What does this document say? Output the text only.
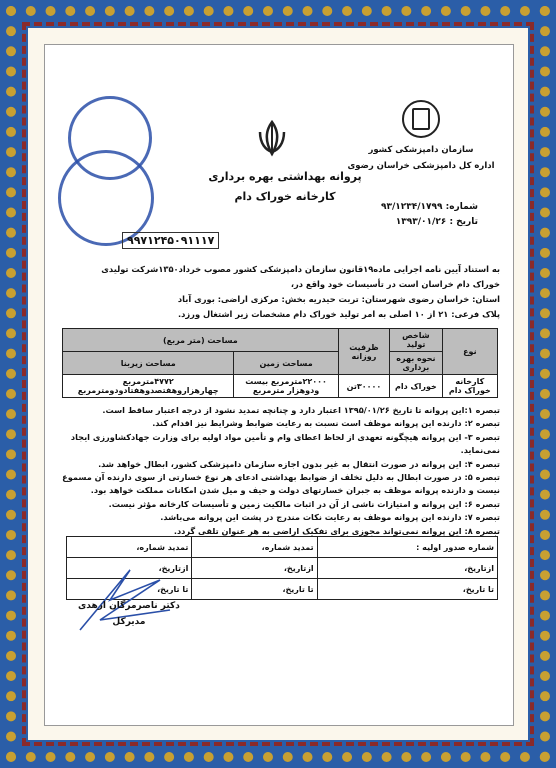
سازمان دامپزشکی کشور
اداره کل دامپزشکی خراسان رضوی
پروانه بهداشتی بهره برداری
کارخانه خوراک دام
شماره: ۹۳/۱۲۳۴/۱۷۹۹
تاریخ : ۱۳۹۳/۰۱/۲۶
۹۹۷۱۲۴۵۰۹۱۱۱۷
به استناد آیین نامه اجرایی ماده۱۹قانون سازمان دامپزشکی کشور مصوب خرداد۱۳۵۰شرکت تولیدی
خوراک دام خراسان است در تأسیسات خود واقع در،
استان: خراسان رضوی شهرستان: تربت حیدریه بخش: مرکزی اراضی: بوری آباد
پلاک فرعی: ۲۱ از ۱۰ اصلی به امر تولید خوراک دام مشخصات زیر اشتغال ورزد.
نوع	شاخص تولید	ظرفیت روزانه	مساحت (متر مربع)	
	نحوه بهره برداری		مساحت زمین	مساحت زیربنا
کارخانه خوراک دام	خوراک دام	۳۰۰۰۰تن	۲۲۰۰۰مترمربع بیست ودوهزار مترمربع	۴۷۷۲مترمربع چهارهزاروهفتصدوهفتادودومترمربع
تبصره ۱:این پروانه تا تاریخ ۱۳۹۵/۰۱/۲۶ اعتبار دارد و چنانچه تمدید نشود از درجه اعتبار ساقط است.
تبصره ۲: دارنده این پروانه موظف است نسبت به رعایت ضوابط وشرایط نیز اقدام کند.
تبصره ۳- این پروانه هیچگونه تعهدی از لحاظ اعطای وام و تأمین مواد اولیه برای وزارت جهادکشاورزی ایجاد نمی‌نماید.
تبصره ۴: این پروانه در صورت انتقال به غیر بدون اجازه سازمان دامپزشکی کشور، ابطال خواهد شد.
تبصره ۵: در صورت ابطال به دلیل تخلف از ضوابط بهداشتی ادعای هر نوع خسارتی از سوی دارنده آن مسموع نیست و دارنده پروانه موظف به جبران خسارتهای دولت و حیف و میل شدن امکانات مملکت خواهد بود.
تبصره ۶: این پروانه و امتیازات ناشی از آن در اثبات مالکیت زمین و تأسیسات کارخانه مؤثر نیست.
تبصره ۷: دارنده این پروانه موظف به رعایت نکات مندرج در پشت این پروانه می‌باشد.
تبصره ۸: این پروانه نمی‌تواند مجوزی برای تفکیک اراضی به هر عنوان تلقی گردد.
شماره صدور اولیه :	تمدید شماره،	تمدید شماره،
ازتاریخ،	ازتاریخ،	ازتاریخ،
تا تاریخ،	تا تاریخ،	تا تاریخ،
دکتر ناصرمرگان ازهدی
مدیرکل
